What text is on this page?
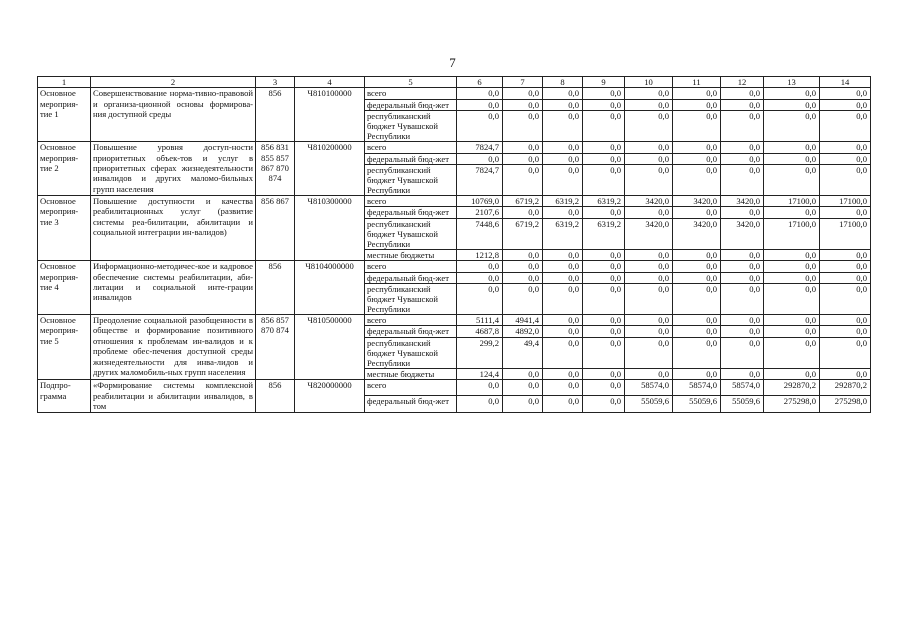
7
1	2	3	4	5	6	7	8	9	10	11	12	13	14
Основное мероприя-тие 1	Совершенствование норма-тивно-правовой и организа-ционной основы формирова-ния доступной среды	856	Ч810100000	всего	0,0	0,0	0,0	0,0	0,0	0,0	0,0	0,0	0,0
				федеральный бюд-жет	0,0	0,0	0,0	0,0	0,0	0,0	0,0	0,0	0,0
				республиканский бюджет Чувашской Республики	0,0	0,0	0,0	0,0	0,0	0,0	0,0	0,0	0,0
Основное мероприя-тие 2	Повышение уровня доступ-ности приоритетных объек-тов и услуг в приоритетных сферах жизнедеятельности инвалидов и других маломо-бильных групп населения	856 831 855 857 867 870 874	Ч810200000	всего	7824,7	0,0	0,0	0,0	0,0	0,0	0,0	0,0	0,0
				федеральный бюд-жет	0,0	0,0	0,0	0,0	0,0	0,0	0,0	0,0	0,0
				республиканский бюджет Чувашской Республики	7824,7	0,0	0,0	0,0	0,0	0,0	0,0	0,0	0,0
Основное мероприя-тие 3	Повышение доступности и качества реабилитационных услуг (развитие системы реа-билитации, абилитации и социальной интеграции ин-валидов)	856 867	Ч810300000	всего	10769,0	6719,2	6319,2	6319,2	3420,0	3420,0	3420,0	17100,0	17100,0
				федеральный бюд-жет	2107,6	0,0	0,0	0,0	0,0	0,0	0,0	0,0	0,0
				республиканский бюджет Чувашской Республики	7448,6	6719,2	6319,2	6319,2	3420,0	3420,0	3420,0	17100,0	17100,0
				местные бюджеты	1212,8	0,0	0,0	0,0	0,0	0,0	0,0	0,0	0,0
Основное мероприя-тие 4	Информационно-методичес-кое и кадровое обеспечение системы реабилитации, аби-литации и социальной инте-грации инвалидов	856	Ч8104000000	всего	0,0	0,0	0,0	0,0	0,0	0,0	0,0	0,0	0,0
				федеральный бюд-жет	0,0	0,0	0,0	0,0	0,0	0,0	0,0	0,0	0,0
				республиканский бюджет Чувашской Республики	0,0	0,0	0,0	0,0	0,0	0,0	0,0	0,0	0,0
Основное мероприя-тие 5	Преодоление социальной разобщенности в обществе и формирование позитивного отношения к проблемам ин-валидов и к проблеме обес-печения доступной среды жизнедеятельности для инва-лидов и других маломобиль-ных групп населения	856 857 870 874	Ч810500000	всего	5111,4	4941,4	0,0	0,0	0,0	0,0	0,0	0,0	0,0
				федеральный бюд-жет	4687,8	4892,0	0,0	0,0	0,0	0,0	0,0	0,0	0,0
				республиканский бюджет Чувашской Республики	299,2	49,4	0,0	0,0	0,0	0,0	0,0	0,0	0,0
				местные бюджеты	124,4	0,0	0,0	0,0	0,0	0,0	0,0	0,0	0,0
Подпро-грамма	«Формирование системы комплексной реабилитации и абилитации инвалидов, в том	856	Ч820000000	всего	0,0	0,0	0,0	0,0	58574,0	58574,0	58574,0	292870,2	292870,2
				федеральный бюд-жет	0,0	0,0	0,0	0,0	55059,6	55059,6	55059,6	275298,0	275298,0
